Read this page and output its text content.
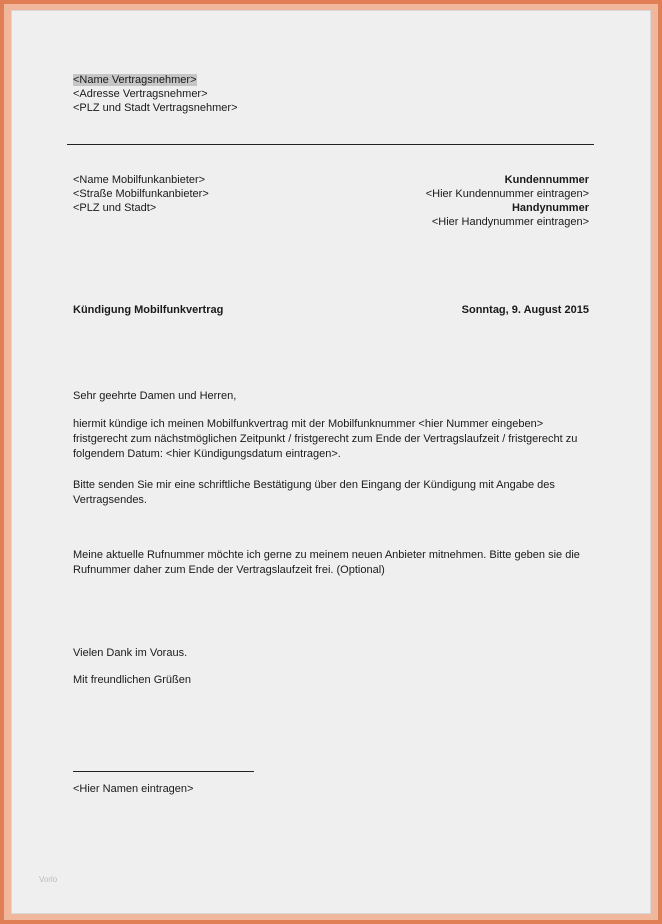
<Name Vertragsnehmer>
<Adresse Vertragsnehmer>
<PLZ und Stadt Vertragsnehmer>
<Name Mobilfunkanbieter>
<Straße Mobilfunkanbieter>
<PLZ und Stadt>
Kundennummer
<Hier Kundennummer eintragen>
Handynummer
<Hier Handynummer eintragen>
Kündigung Mobilfunkvertrag	Sonntag, 9. August 2015
Sehr geehrte Damen und Herren,
hiermit kündige ich meinen Mobilfunkvertrag mit der Mobilfunknummer <hier Nummer eingeben>
fristgerecht zum nächstmöglichen Zeitpunkt / fristgerecht zum Ende der Vertragslaufzeit / fristgerecht zu
folgendem Datum: <hier Kündigungsdatum eintragen>.
Bitte senden Sie mir eine schriftliche Bestätigung über den Eingang der Kündigung mit Angabe des
Vertragsendes.
Meine aktuelle Rufnummer möchte ich gerne zu meinem neuen Anbieter mitnehmen. Bitte geben sie die
Rufnummer daher zum Ende der Vertragslaufzeit frei. (Optional)
Vielen Dank im Voraus.
Mit freundlichen Grüßen
<Hier Namen eintragen>
Vorlo
